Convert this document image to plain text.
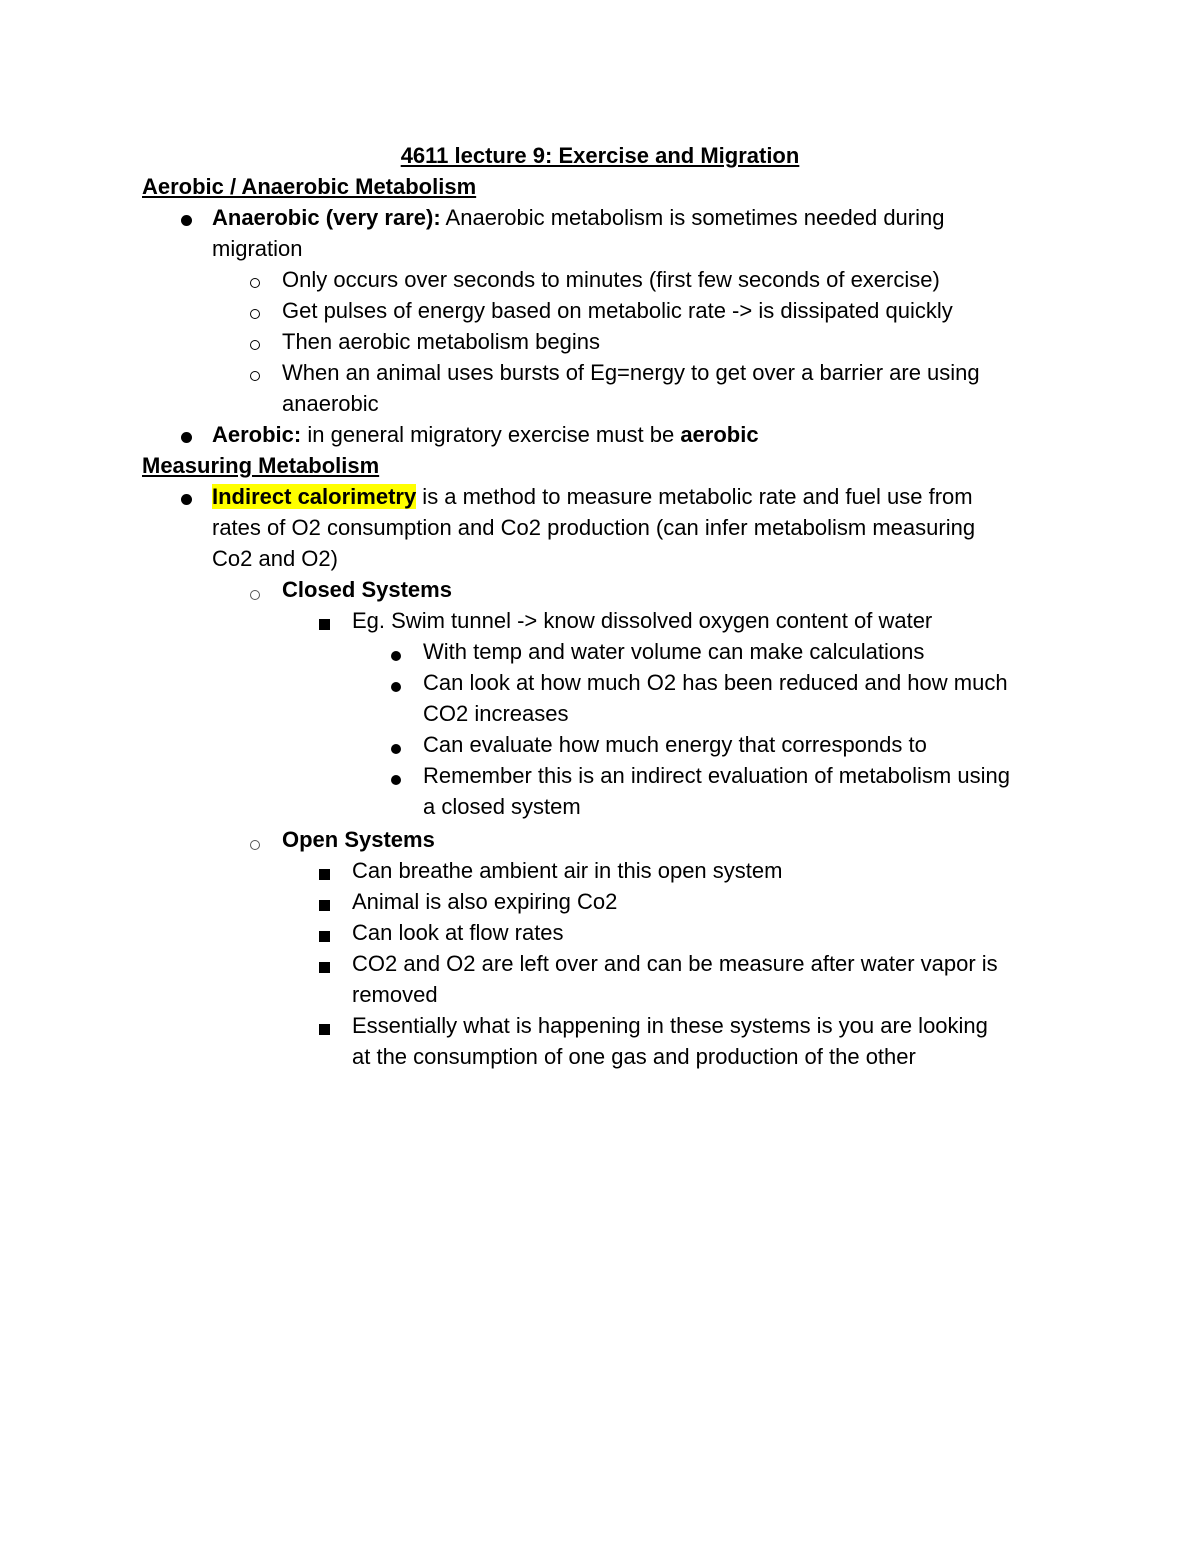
4611 lecture 9: Exercise and Migration
Aerobic / Anaerobic Metabolism
Anaerobic (very rare): Anaerobic metabolism is sometimes needed during
migration
Only occurs over seconds to minutes (first few seconds of exercise)
Get pulses of energy based on metabolic rate -> is dissipated quickly
Then aerobic metabolism begins
When an animal uses bursts of Eg=nergy to get over a barrier are using
anaerobic
Aerobic: in general migratory exercise must be aerobic
Measuring Metabolism
Indirect calorimetry is a method to measure metabolic rate and fuel use from
rates of O2 consumption and Co2 production (can infer metabolism measuring
Co2 and O2)
Closed Systems
Eg. Swim tunnel -> know dissolved oxygen content of water
With temp and water volume can make calculations
Can look at how much O2 has been reduced and how much
CO2 increases
Can evaluate how much energy that corresponds to
Remember this is an indirect evaluation of metabolism using
a closed system
Open Systems
Can breathe ambient air in this open system
Animal is also expiring Co2
Can look at flow rates
CO2 and O2 are left over and can be measure after water vapor is
removed
Essentially what is happening in these systems is you are looking
at the consumption of one gas and production of the other
